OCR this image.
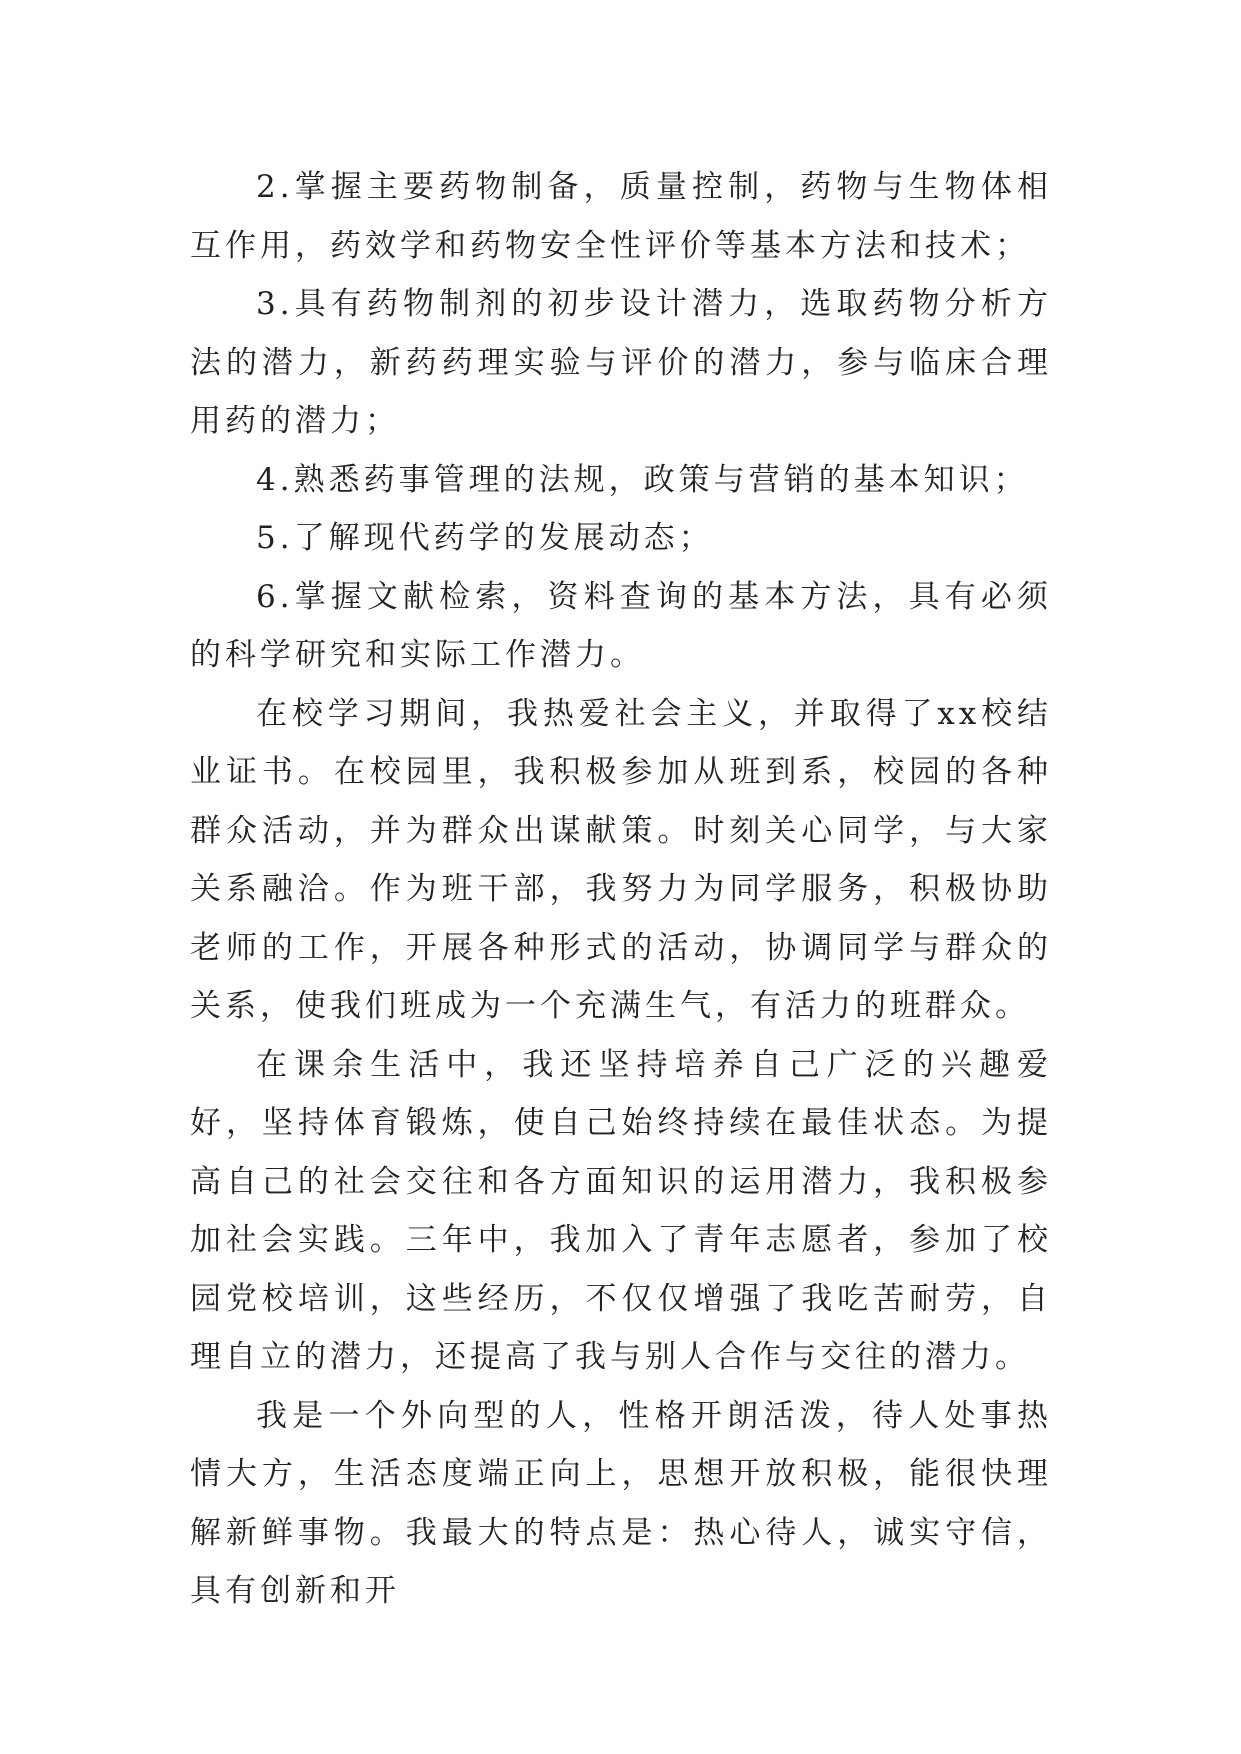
2.掌握主要药物制备，质量控制，药物与生物体相互作用，药效学和药物安全性评价等基本方法和技术；

3.具有药物制剂的初步设计潜力，选取药物分析方法的潜力，新药药理实验与评价的潜力，参与临床合理用药的潜力；

4.熟悉药事管理的法规，政策与营销的基本知识；

5.了解现代药学的发展动态；

6.掌握文献检索，资料查询的基本方法，具有必须的科学研究和实际工作潜力。

在校学习期间，我热爱社会主义，并取得了xx校结业证书。在校园里，我积极参加从班到系，校园的各种群众活动，并为群众出谋献策。时刻关心同学，与大家关系融洽。作为班干部，我努力为同学服务，积极协助老师的工作，开展各种形式的活动，协调同学与群众的关系，使我们班成为一个充满生气，有活力的班群众。

在课余生活中，我还坚持培养自己广泛的兴趣爱好，坚持体育锻炼，使自己始终持续在最佳状态。为提高自己的社会交往和各方面知识的运用潜力，我积极参加社会实践。三年中，我加入了青年志愿者，参加了校园党校培训，这些经历，不仅仅增强了我吃苦耐劳，自理自立的潜力，还提高了我与别人合作与交往的潜力。

我是一个外向型的人，性格开朗活泼，待人处事热情大方，生活态度端正向上，思想开放积极，能很快理解新鲜事物。我最大的特点是：热心待人，诚实守信，具有创新和开
